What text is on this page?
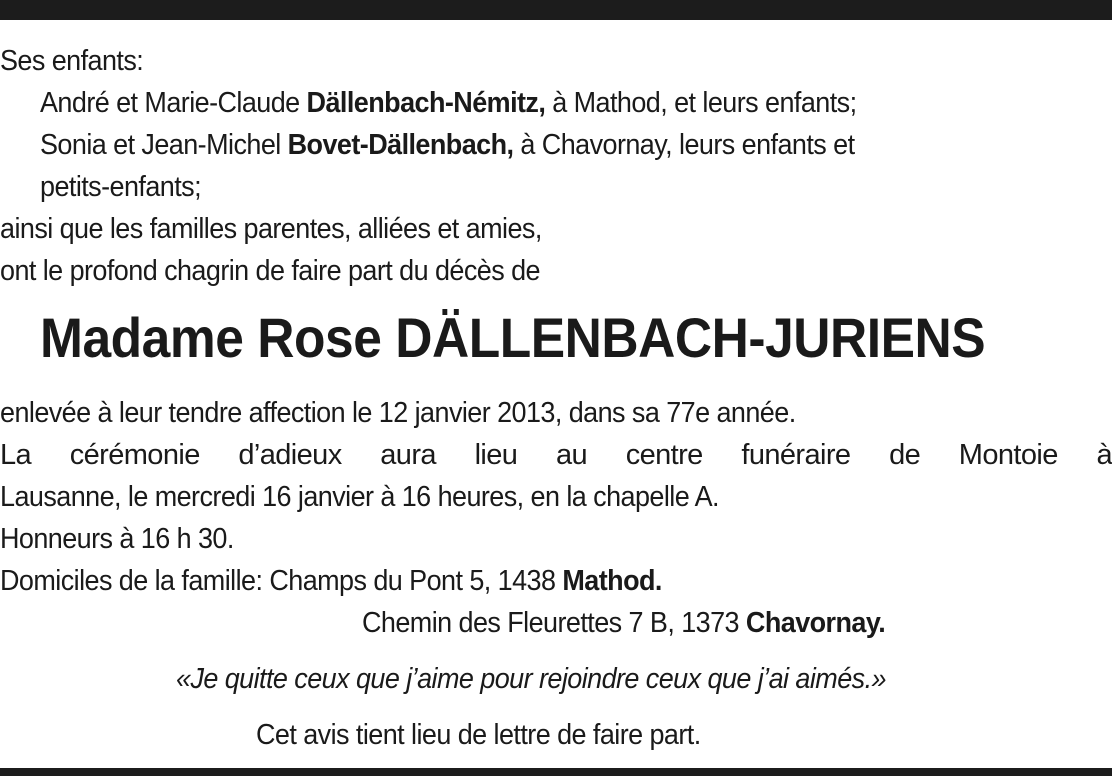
Ses enfants:
André et Marie-Claude Dällenbach-Némitz, à Mathod, et leurs enfants;
Sonia et Jean-Michel Bovet-Dällenbach, à Chavornay, leurs enfants et
petits-enfants;
ainsi que les familles parentes, alliées et amies,
ont le profond chagrin de faire part du décès de
Madame Rose DÄLLENBACH-JURIENS
enlevée à leur tendre affection le 12 janvier 2013, dans sa 77e année.
La cérémonie d’adieux aura lieu au centre funéraire de Montoie à
Lausanne, le mercredi 16 janvier à 16 heures, en la chapelle A.
Honneurs à 16 h 30.
Domiciles de la famille: Champs du Pont 5, 1438 Mathod.
Chemin des Fleurettes 7 B, 1373 Chavornay.
«Je quitte ceux que j’aime pour rejoindre ceux que j’ai aimés.»
Cet avis tient lieu de lettre de faire part.
